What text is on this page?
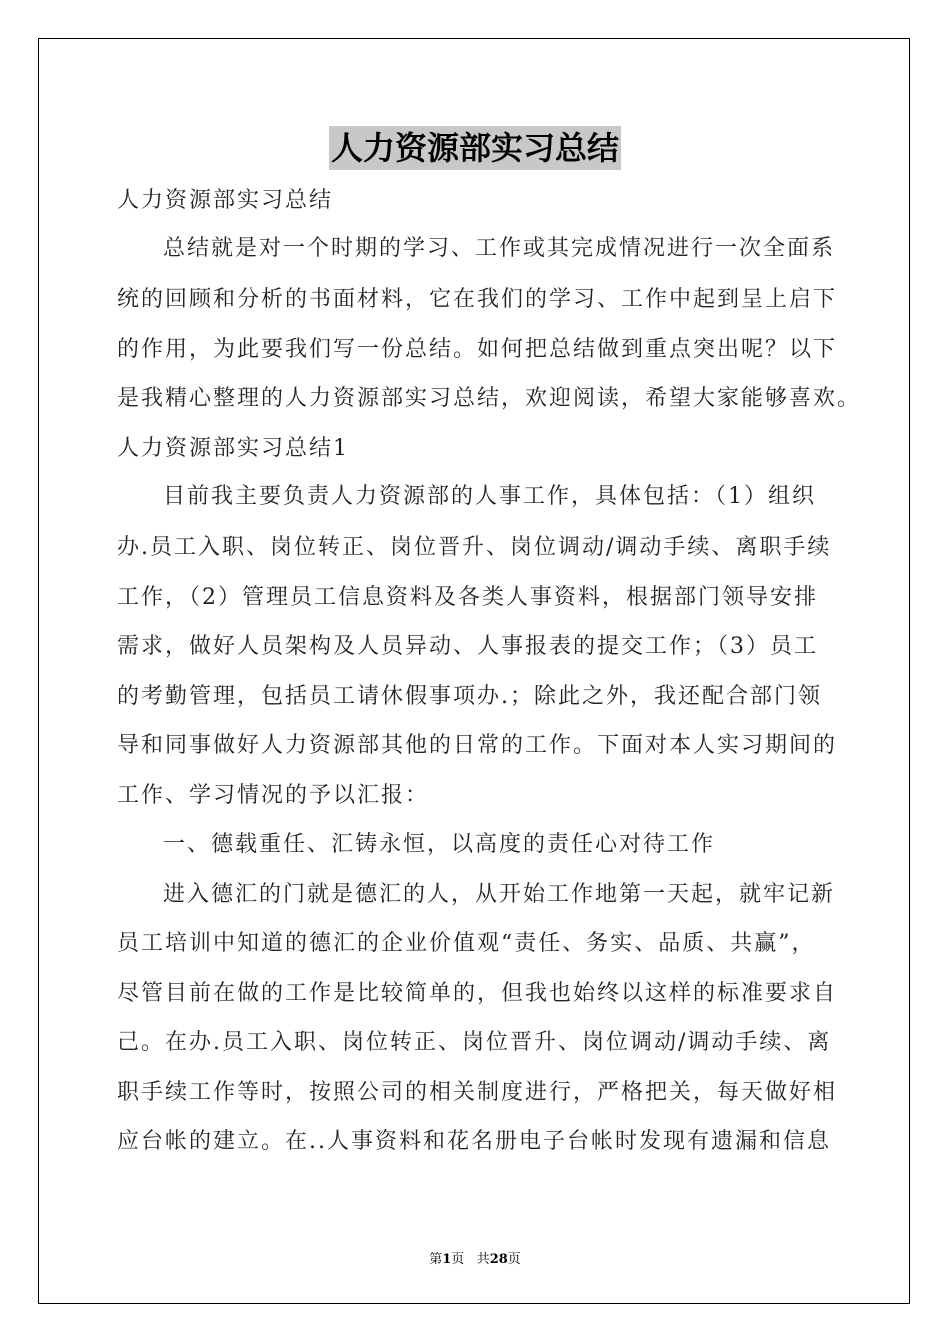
人力资源部实习总结
人力资源部实习总结
总结就是对一个时期的学习、工作或其完成情况进行一次全面系
统的回顾和分析的书面材料，它在我们的学习、工作中起到呈上启下
的作用，为此要我们写一份总结。如何把总结做到重点突出呢？以下
是我精心整理的人力资源部实习总结，欢迎阅读，希望大家能够喜欢。
人力资源部实习总结1
目前我主要负责人力资源部的人事工作，具体包括：（1）组织
办.员工入职、岗位转正、岗位晋升、岗位调动/调动手续、离职手续
工作，（2）管理员工信息资料及各类人事资料，根据部门领导安排
需求，做好人员架构及人员异动、人事报表的提交工作；（3）员工
的考勤管理，包括员工请休假事项办.；除此之外，我还配合部门领
导和同事做好人力资源部其他的日常的工作。下面对本人实习期间的
工作、学习情况的予以汇报：
一、德载重任、汇铸永恒，以高度的责任心对待工作
进入德汇的门就是德汇的人，从开始工作地第一天起，就牢记新
员工培训中知道的德汇的企业价值观“责任、务实、品质、共赢”，
尽管目前在做的工作是比较简单的，但我也始终以这样的标准要求自
己。在办.员工入职、岗位转正、岗位晋升、岗位调动/调动手续、离
职手续工作等时，按照公司的相关制度进行，严格把关，每天做好相
应台帐的建立。在..人事资料和花名册电子台帐时发现有遗漏和信息
第1页 共28页
